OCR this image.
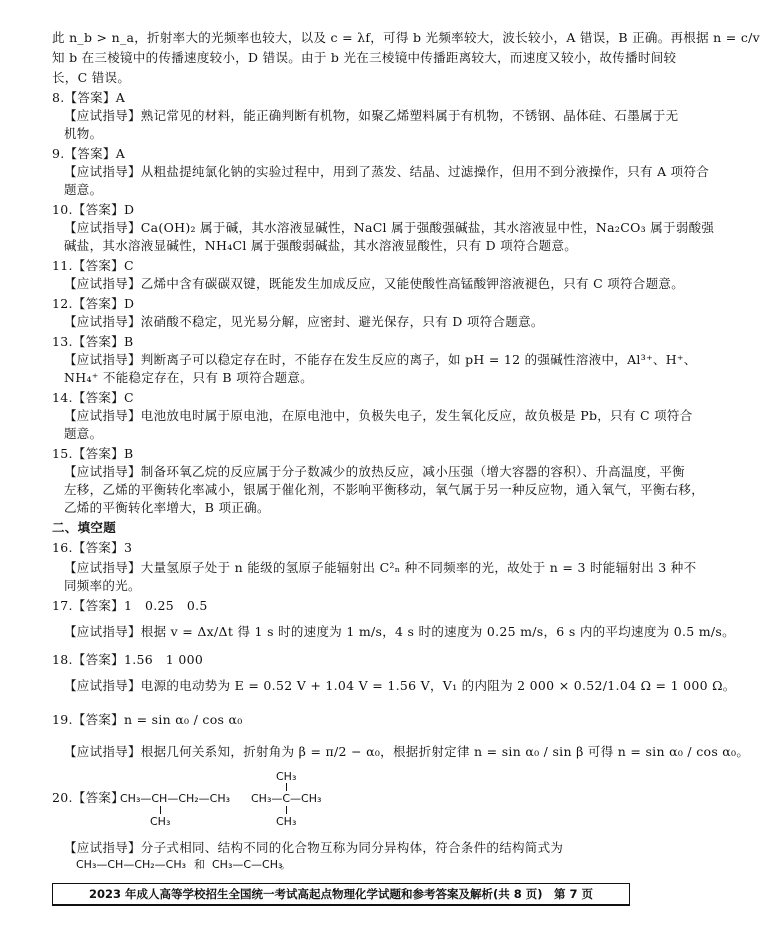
此 n_b > n_a，折射率大的光频率也较大，以及 c = λf，可得 b 光频率较大，波长较小，A 错误，B 正确。再根据 n = c/v
知 b 在三棱镜中的传播速度较小，D 错误。由于 b 光在三棱镜中传播距离较大，而速度又较小，故传播时间较
长，C 错误。
8.【答案】A
【应试指导】熟记常见的材料，能正确判断有机物，如聚乙烯塑料属于有机物，不锈钢、晶体硅、石墨属于无
机物。
9.【答案】A
【应试指导】从粗盐提纯氯化钠的实验过程中，用到了蒸发、结晶、过滤操作，但用不到分液操作，只有 A 项符合
题意。
10.【答案】D
【应试指导】Ca(OH)₂ 属于碱，其水溶液显碱性，NaCl 属于强酸强碱盐，其水溶液显中性，Na₂CO₃ 属于弱酸强
碱盐，其水溶液显碱性，NH₄Cl 属于强酸弱碱盐，其水溶液显酸性，只有 D 项符合题意。
11.【答案】C
【应试指导】乙烯中含有碳碳双键，既能发生加成反应，又能使酸性高锰酸钾溶液褪色，只有 C 项符合题意。
12.【答案】D
【应试指导】浓硝酸不稳定，见光易分解，应密封、避光保存，只有 D 项符合题意。
13.【答案】B
【应试指导】判断离子可以稳定存在时，不能存在发生反应的离子，如 pH = 12 的强碱性溶液中，Al³⁺、H⁺、
NH₄⁺ 不能稳定存在，只有 B 项符合题意。
14.【答案】C
【应试指导】电池放电时属于原电池，在原电池中，负极失电子，发生氧化反应，故负极是 Pb，只有 C 项符合
题意。
15.【答案】B
【应试指导】制备环氧乙烷的反应属于分子数减少的放热反应，减小压强（增大容器的容积）、升高温度，平衡
左移，乙烯的平衡转化率减小，银属于催化剂，不影响平衡移动，氧气属于另一种反应物，通入氧气，平衡右移，
乙烯的平衡转化率增大，B 项正确。
二、填空题
16.【答案】3
【应试指导】大量氢原子处于 n 能级的氢原子能辐射出 C²ₙ 种不同频率的光，故处于 n = 3 时能辐射出 3 种不
同频率的光。
17.【答案】1　0.25　0.5
【应试指导】根据 v = Δx/Δt 得 1 s 时的速度为 1 m/s，4 s 时的速度为 0.25 m/s，6 s 内的平均速度为 0.5 m/s。
18.【答案】1.56　1 000
【应试指导】电源的电动势为 E = 0.52 V + 1.04 V = 1.56 V，V₁ 的内阻为 2 000 × 0.52/1.04 Ω = 1 000 Ω。
19.【答案】n = sin α₀ / cos α₀
【应试指导】根据几何关系知，折射角为 β = π/2 − α₀，根据折射定律 n = sin α₀ / sin β 可得 n = sin α₀ / cos α₀。
20.【答案】
CH₃—CH—CH₂—CH₃
CH₃
CH₃
CH₃—C—CH₃
CH₃
【应试指导】分子式相同、结构不同的化合物互称为同分异构体，符合条件的结构简式为
CH₃—CH—CH₂—CH₃ 和 CH₃—C—CH₃
。
2023 年成人高等学校招生全国统一考试高起点物理化学试题和参考答案及解析(共 8 页)　第 7 页
